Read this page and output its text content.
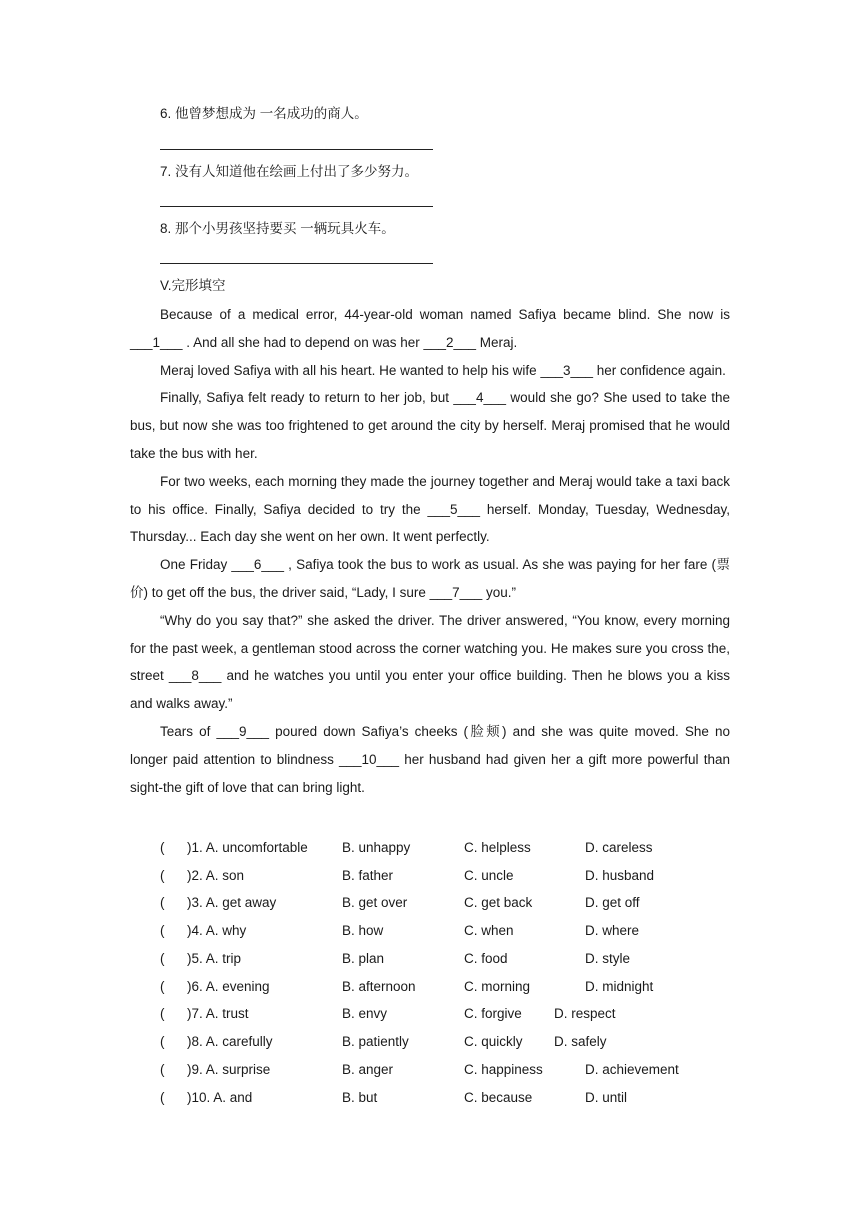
6. 他曾梦想成为 一名成功的商人。
7. 没有人知道他在绘画上付出了多少努力。
8. 那个小男孩坚持要买 一辆玩具火车。
V.完形填空

Because of a medical error, 44-year-old woman named Safiya became blind. She now is ___1___ . And all she had to depend on was her ___2___ Meraj.

Meraj loved Safiya with all his heart. He wanted to help his wife ___3___ her confidence again.

Finally, Safiya felt ready to return to her job, but ___4___ would she go? She used to take the bus, but now she was too frightened to get around the city by herself. Meraj promised that he would take the bus with her.

For two weeks, each morning they made the journey together and Meraj would take a taxi back to his office. Finally, Safiya decided to try the ___5___ herself. Monday, Tuesday, Wednesday, Thursday... Each day she went on her own. It went perfectly.

One Friday ___6___ , Safiya took the bus to work as usual. As she was paying for her fare (票价) to get off the bus, the driver said, “Lady, I sure ___7___ you.”

“Why do you say that?” she asked the driver. The driver answered, “You know, every morning for the past week, a gentleman stood across the corner watching you. He makes sure you cross the, street ___8___ and he watches you until you enter your office building. Then he blows you a kiss and walks away.”

Tears of ___9___ poured down Safiya’s cheeks (脸颊) and she was quite moved. She no longer paid attention to blindness ___10___ her husband had given her a gift more powerful than sight-the gift of love that can bring light.

( )1. A. uncomfortable	B. unhappy	C. helpless	D. careless
( )2. A. son	B. father	C. uncle	D. husband
( )3. A. get away	B. get over	C. get back	D. get off
( )4. A. why	B. how	C. when	D. where
( )5. A. trip	B. plan	C. food	D. style
( )6. A. evening	B. afternoon	C. morning	D. midnight
( )7. A. trust	B. envy	C. forgive D. respect
( )8. A. carefully	B. patiently	C. quickly D. safely
( )9. A. surprise	B. anger	C. happiness	D. achievement
( )10. A. and	B. but	C. because	D. until
